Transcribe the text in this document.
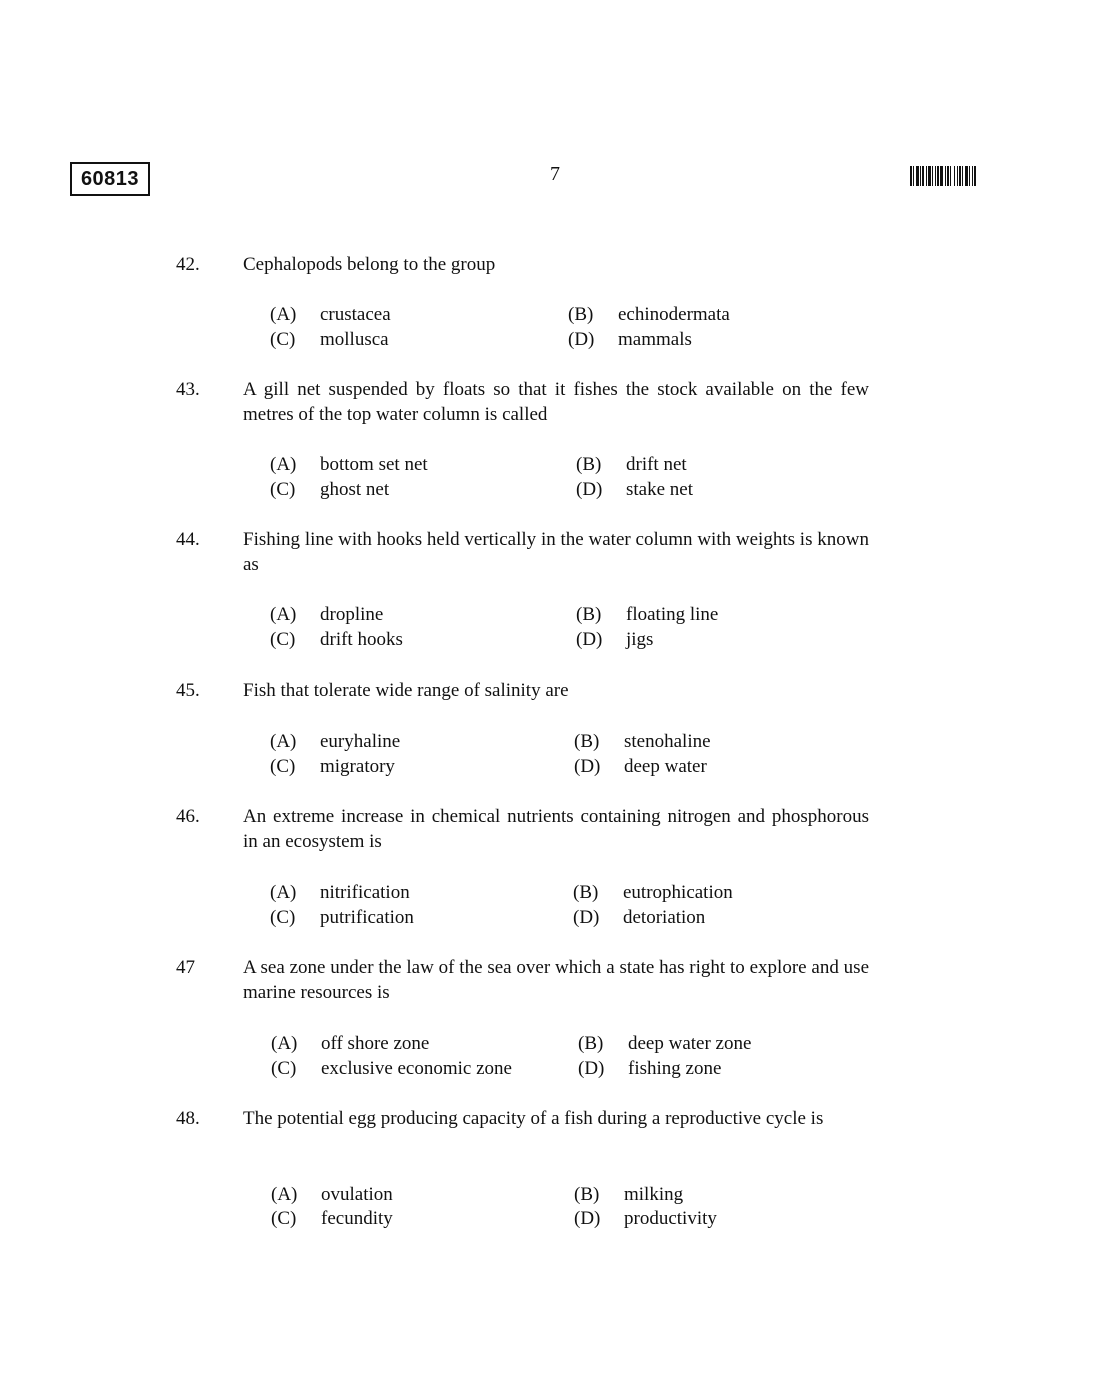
60813	7
42. Cephalopods belong to the group
(A) crustacea	(B) echinodermata
(C) mollusca	(D) mammals
43. A gill net suspended by floats so that it fishes the stock available on the few metres of the top water column is called
(A) bottom set net	(B) drift net
(C) ghost net	(D) stake net
44. Fishing line with hooks held vertically in the water column with weights is known as
(A) dropline	(B) floating line
(C) drift hooks	(D) jigs
45. Fish that tolerate wide range of salinity are
(A) euryhaline	(B) stenohaline
(C) migratory	(D) deep water
46. An extreme increase in chemical nutrients containing nitrogen and phosphorous in an ecosystem is
(A) nitrification	(B) eutrophication
(C) putrification	(D) detoriation
47	A sea zone under the law of the sea over which a state has right to explore and use marine resources is
(A) off shore zone	(B) deep water zone
(C) exclusive economic zone	(D) fishing zone
48. The potential egg producing capacity of a fish during a reproductive cycle is
(A) ovulation	(B) milking
(C) fecundity	(D) productivity
